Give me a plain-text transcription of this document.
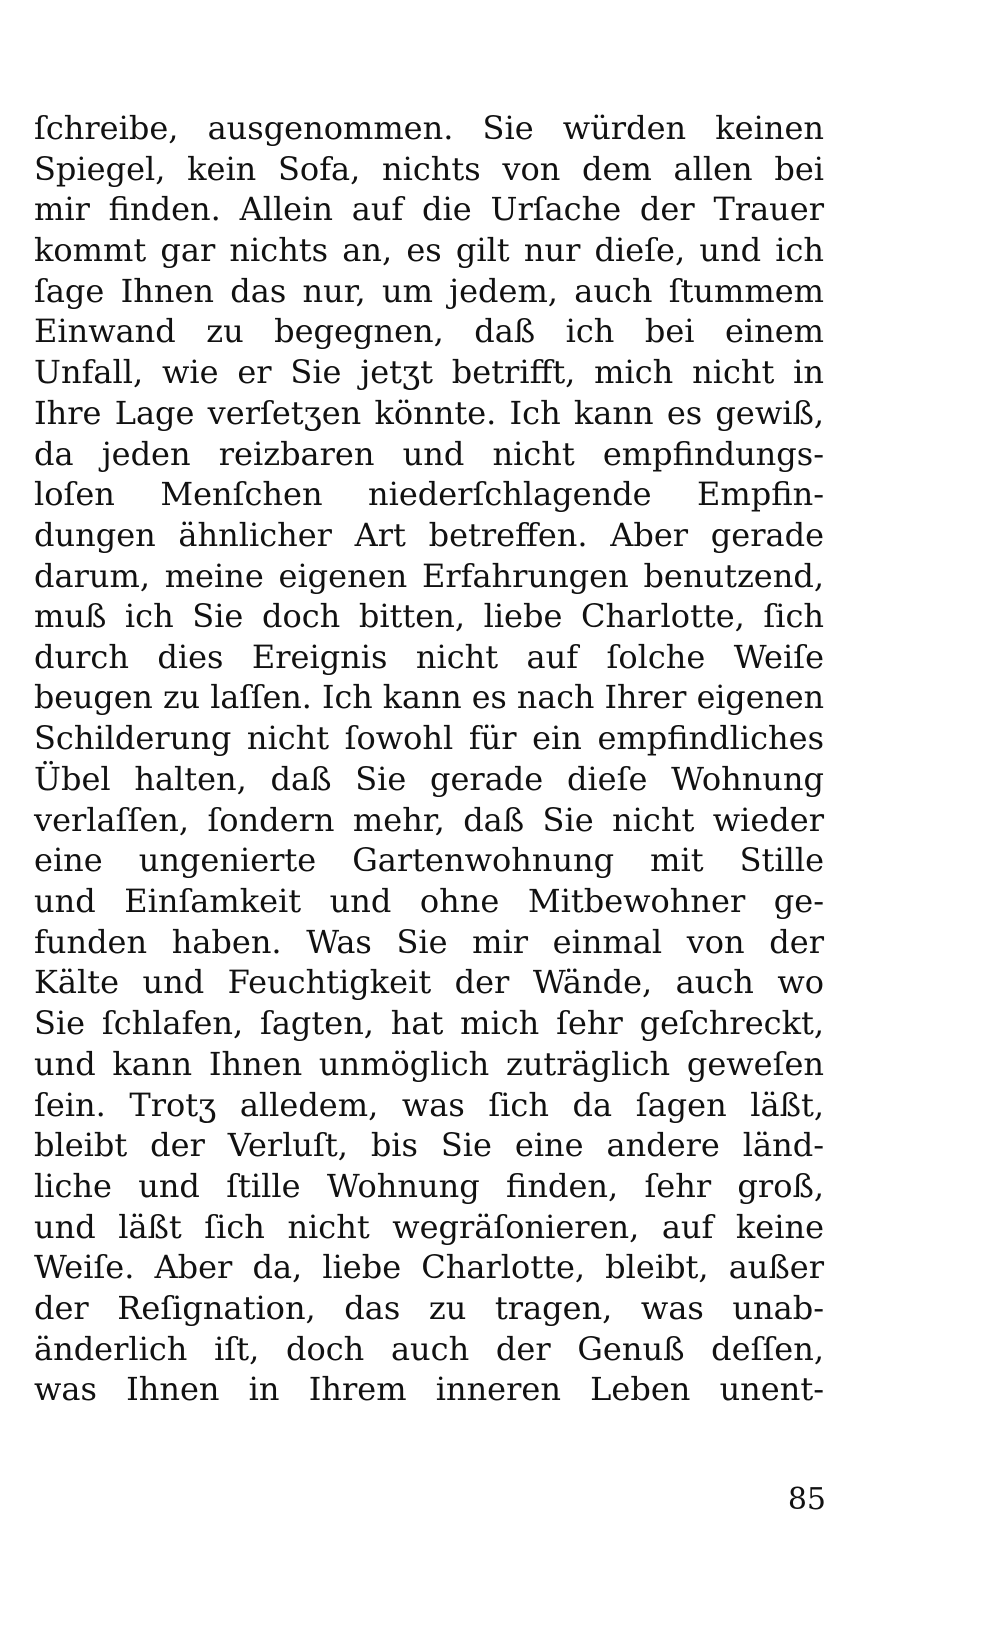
ſchreibe, ausgenommen. Sie würden keinen
Spiegel, kein Sofa, nichts von dem allen bei
mir finden. Allein auf die Urſache der Trauer
kommt gar nichts an, es gilt nur dieſe, und ich
ſage Ihnen das nur, um jedem, auch ſtummem
Einwand zu begegnen, daß ich bei einem
Unfall, wie er Sie jetʒt betrifft, mich nicht in
Ihre Lage verſetʒen könnte. Ich kann es gewiß,
da jeden reizbaren und nicht empfindungs-
loſen Menſchen niederſchlagende Empfin-
dungen ähnlicher Art betreffen. Aber gerade
darum, meine eigenen Erfahrungen benutzend,
muß ich Sie doch bitten, liebe Charlotte, ſich
durch dies Ereignis nicht auf ſolche Weiſe
beugen zu laſſen. Ich kann es nach Ihrer eigenen
Schilderung nicht ſowohl für ein empfindliches
Übel halten, daß Sie gerade dieſe Wohnung
verlaſſen, ſondern mehr, daß Sie nicht wieder
eine ungenierte Gartenwohnung mit Stille
und Einſamkeit und ohne Mitbewohner ge-
funden haben. Was Sie mir einmal von der
Kälte und Feuchtigkeit der Wände, auch wo
Sie ſchlafen, ſagten, hat mich ſehr geſchreckt,
und kann Ihnen unmöglich zuträglich geweſen
ſein. Trotʒ alledem, was ſich da ſagen läßt,
bleibt der Verluſt, bis Sie eine andere länd-
liche und ſtille Wohnung finden, ſehr groß,
und läßt ſich nicht wegräſonieren, auf keine
Weiſe. Aber da, liebe Charlotte, bleibt, außer
der Reſignation, das zu tragen, was unab-
änderlich iſt, doch auch der Genuß deſſen,
was Ihnen in Ihrem inneren Leben unent-
85
